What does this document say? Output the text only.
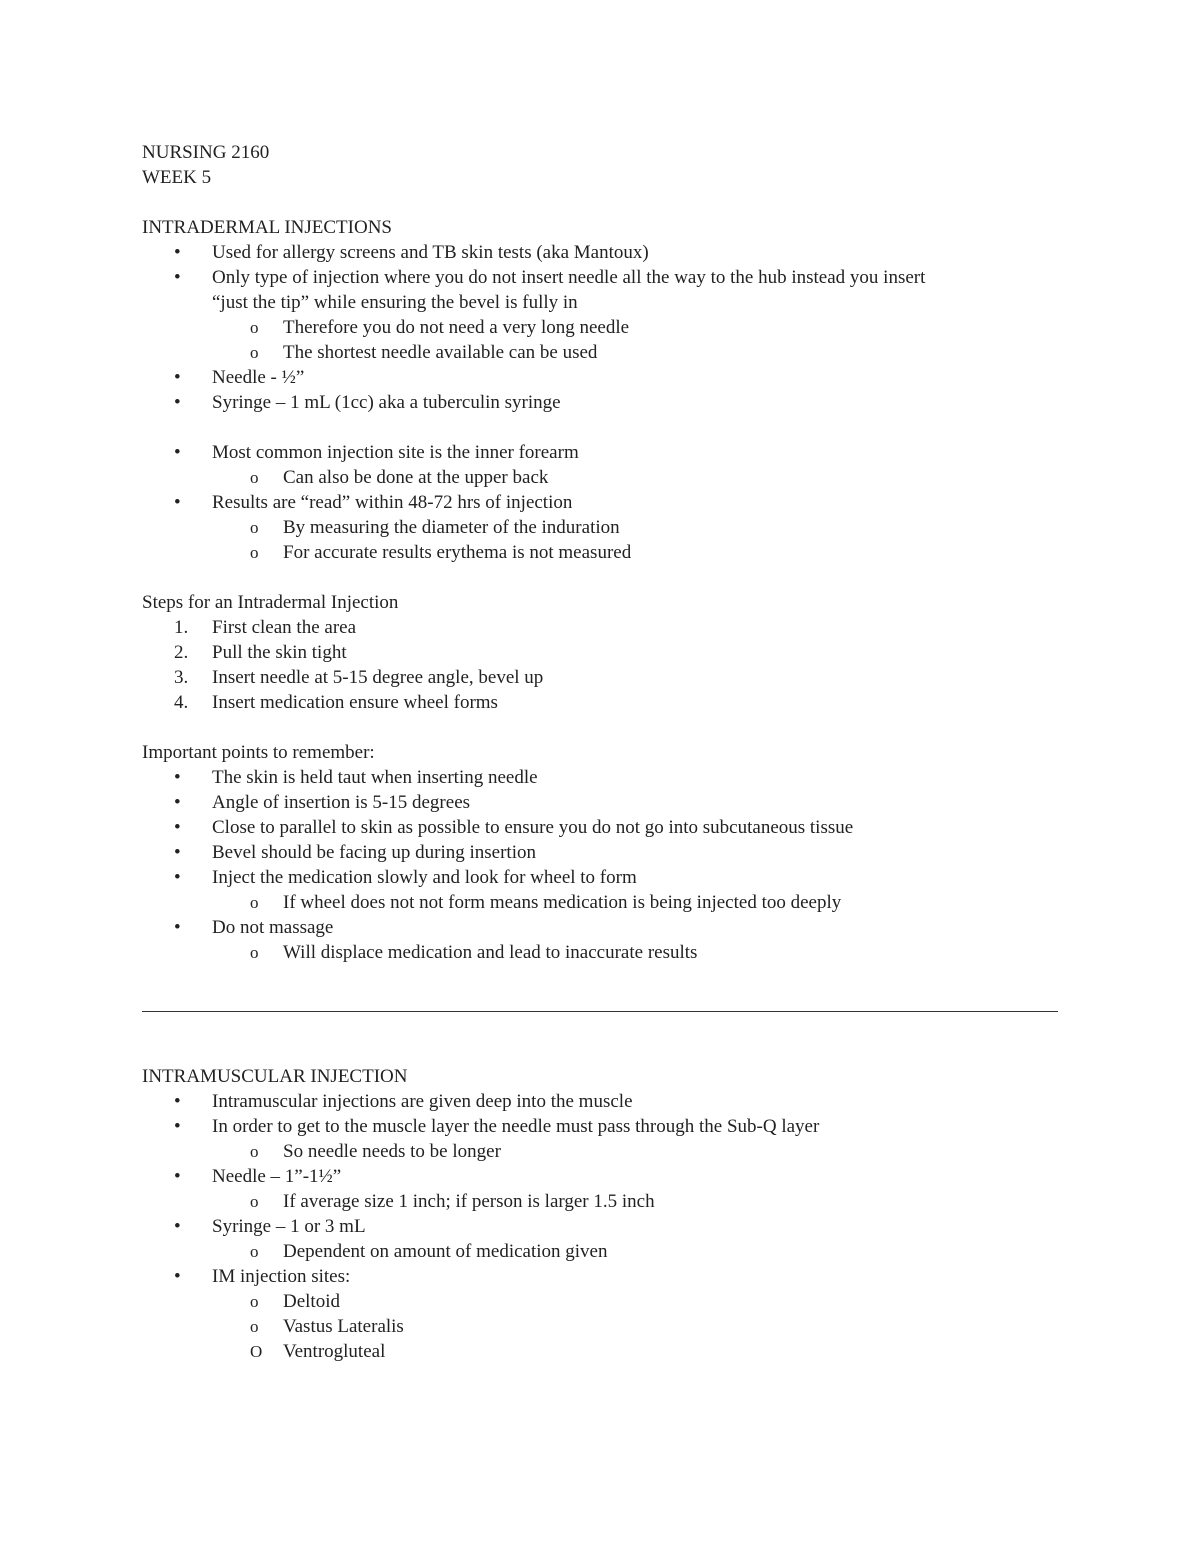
NURSING 2160

WEEK 5

INTRADERMAL INJECTIONS

• Used for allergy screens and TB skin tests (aka Mantoux)
• Only type of injection where you do not insert needle all the way to the hub instead you insert
“just the tip” while ensuring the bevel is fully in
o Therefore you do not need a very long needle
o The shortest needle available can be used
• Needle - ½”
• Syringe – 1 mL (1cc) aka a tuberculin syringe
• Most common injection site is the inner forearm
o Can also be done at the upper back
• Results are “read” within 48-72 hrs of injection
o By measuring the diameter of the induration
o For accurate results erythema is not measured

Steps for an Intradermal Injection

1. First clean the area
2. Pull the skin tight
3. Insert needle at 5-15 degree angle, bevel up
4. Insert medication ensure wheel forms

Important points to remember:

• The skin is held taut when inserting needle
• Angle of insertion is 5-15 degrees
• Close to parallel to skin as possible to ensure you do not go into subcutaneous tissue
• Bevel should be facing up during insertion
• Inject the medication slowly and look for wheel to form
o If wheel does not not form means medication is being injected too deeply
• Do not massage
o Will displace medication and lead to inaccurate results

INTRAMUSCULAR INJECTION

• Intramuscular injections are given deep into the muscle
• In order to get to the muscle layer the needle must pass through the Sub-Q layer
o So needle needs to be longer
• Needle – 1”-1½”
o If average size 1 inch; if person is larger 1.5 inch
• Syringe – 1 or 3 mL
o Dependent on amount of medication given
• IM injection sites:
o Deltoid
o Vastus Lateralis
O Ventrogluteal
